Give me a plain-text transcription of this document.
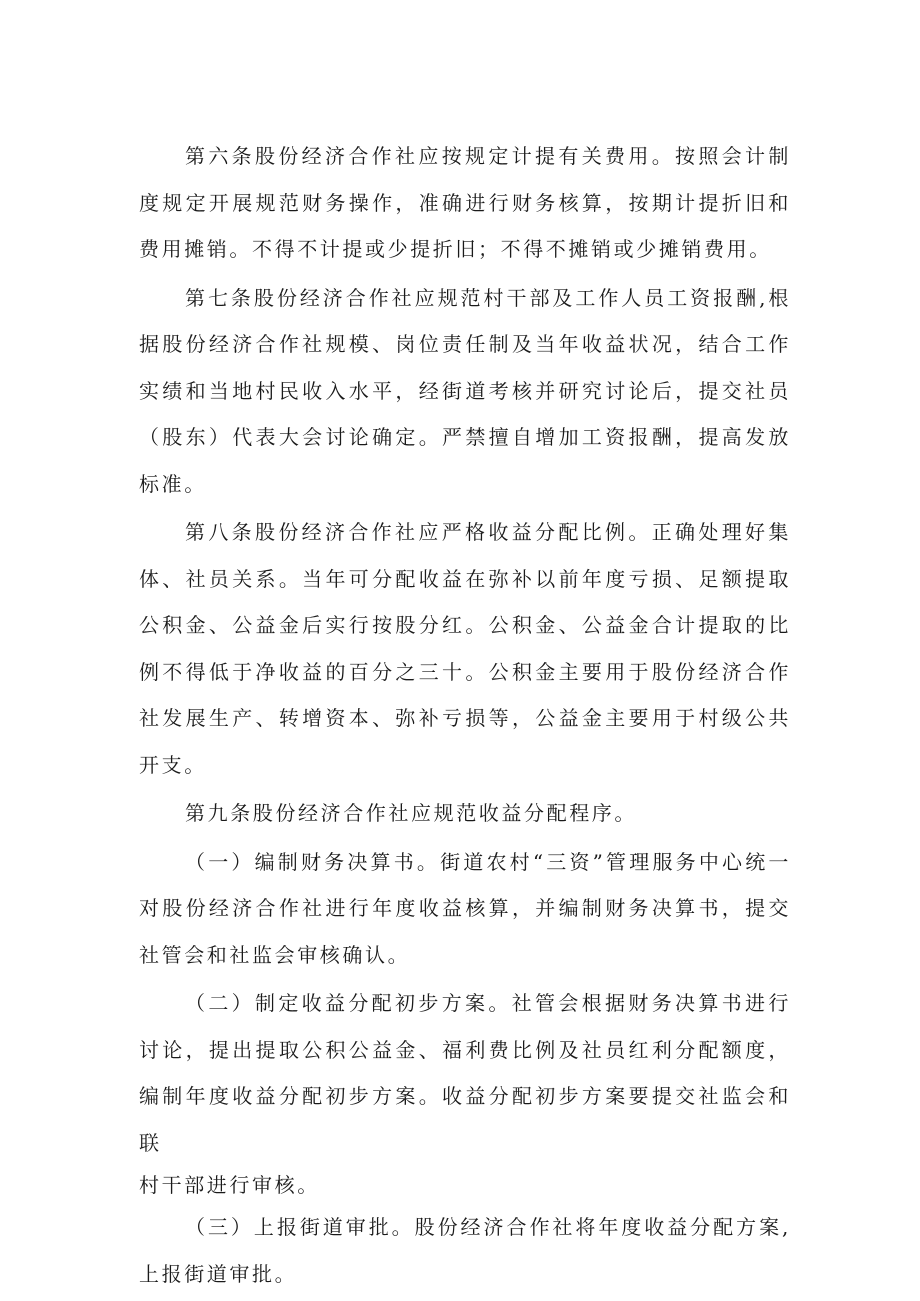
第六条股份经济合作社应按规定计提有关费用。按照会计制度规定开展规范财务操作，准确进行财务核算，按期计提折旧和费用摊销。不得不计提或少提折旧；不得不摊销或少摊销费用。

第七条股份经济合作社应规范村干部及工作人员工资报酬,根据股份经济合作社规模、岗位责任制及当年收益状况，结合工作实绩和当地村民收入水平，经街道考核并研究讨论后，提交社员（股东）代表大会讨论确定。严禁擅自增加工资报酬，提高发放标准。

第八条股份经济合作社应严格收益分配比例。正确处理好集体、社员关系。当年可分配收益在弥补以前年度亏损、足额提取公积金、公益金后实行按股分红。公积金、公益金合计提取的比例不得低于净收益的百分之三十。公积金主要用于股份经济合作社发展生产、转增资本、弥补亏损等，公益金主要用于村级公共开支。

第九条股份经济合作社应规范收益分配程序。

（一）编制财务决算书。街道农村“三资”管理服务中心统一对股份经济合作社进行年度收益核算，并编制财务决算书，提交社管会和社监会审核确认。

（二）制定收益分配初步方案。社管会根据财务决算书进行讨论，提出提取公积公益金、福利费比例及社员红利分配额度，编制年度收益分配初步方案。收益分配初步方案要提交社监会和联

村干部进行审核。

（三）上报街道审批。股份经济合作社将年度收益分配方案,上报街道审批。
